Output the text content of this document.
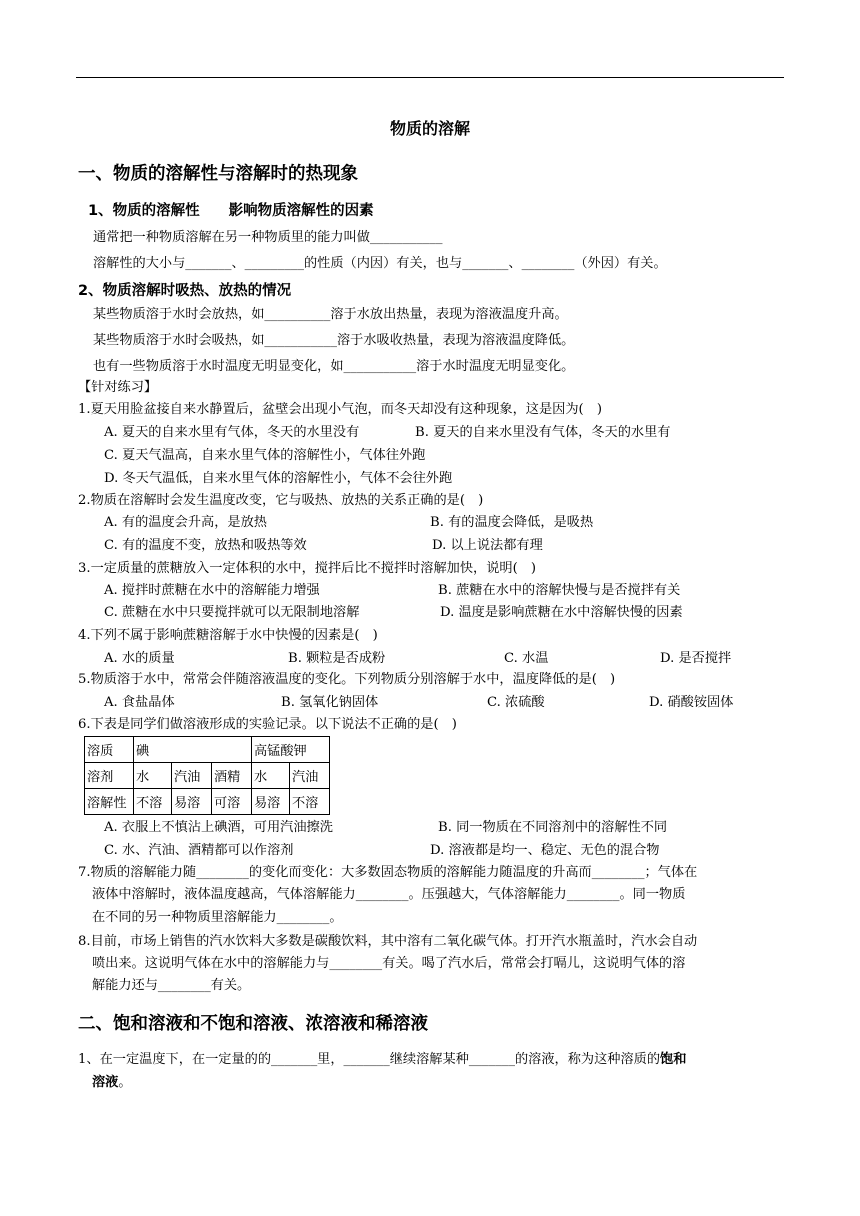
物质的溶解
一、物质的溶解性与溶解时的热现象
1、物质的溶解性　　影响物质溶解性的因素
通常把一种物质溶解在另一种物质里的能力叫做___________
溶解性的大小与_______、_________的性质（内因）有关，也与_______、________（外因）有关。
2、物质溶解时吸热、放热的情况
某些物质溶于水时会放热，如__________溶于水放出热量，表现为溶液温度升高。
某些物质溶于水时会吸热，如___________溶于水吸收热量，表现为溶液温度降低。
也有一些物质溶于水时温度无明显变化，如___________溶于水时温度无明显变化。
【针对练习】
1.夏天用脸盆接自来水静置后，盆壁会出现小气泡，而冬天却没有这种现象，这是因为(　)
A. 夏天的自来水里有气体，冬天的水里没有	B. 夏天的自来水里没有气体，冬天的水里有
C. 夏天气温高，自来水里气体的溶解性小，气体往外跑
D. 冬天气温低，自来水里气体的溶解性小，气体不会往外跑
2.物质在溶解时会发生温度改变，它与吸热、放热的关系正确的是(　)
A. 有的温度会升高，是放热	B. 有的温度会降低，是吸热
C. 有的温度不变，放热和吸热等效	D. 以上说法都有理
3.一定质量的蔗糖放入一定体积的水中，搅拌后比不搅拌时溶解加快，说明(　)
A. 搅拌时蔗糖在水中的溶解能力增强	B. 蔗糖在水中的溶解快慢与是否搅拌有关
C. 蔗糖在水中只要搅拌就可以无限制地溶解	D. 温度是影响蔗糖在水中溶解快慢的因素
4.下列不属于影响蔗糖溶解于水中快慢的因素是(　)
A. 水的质量	B. 颗粒是否成粉	C. 水温	D. 是否搅拌
5.物质溶于水中，常常会伴随溶液温度的变化。下列物质分别溶解于水中，温度降低的是(　)
A. 食盐晶体	B. 氢氧化钠固体	C. 浓硫酸	D. 硝酸铵固体
6.下表是同学们做溶液形成的实验记录。以下说法不正确的是(　)
溶质	碘			高锰酸钾	
溶剂	水	汽油	酒精	水	汽油
溶解性	不溶	易溶	可溶	易溶	不溶
A. 衣服上不慎沾上碘酒，可用汽油擦洗	B. 同一物质在不同溶剂中的溶解性不同
C. 水、汽油、酒精都可以作溶剂	D. 溶液都是均一、稳定、无色的混合物
7.物质的溶解能力随________的变化而变化：大多数固态物质的溶解能力随温度的升高而________；气体在
液体中溶解时，液体温度越高，气体溶解能力________。压强越大，气体溶解能力________。同一物质
在不同的另一种物质里溶解能力________。
8.目前，市场上销售的汽水饮料大多数是碳酸饮料，其中溶有二氧化碳气体。打开汽水瓶盖时，汽水会自动
喷出来。这说明气体在水中的溶解能力与________有关。喝了汽水后，常常会打嗝儿，这说明气体的溶
解能力还与________有关。
二、饱和溶液和不饱和溶液、浓溶液和稀溶液
1、在一定温度下，在一定量的的_______里，_______继续溶解某种_______的溶液，称为这种溶质的饱和
溶液。
